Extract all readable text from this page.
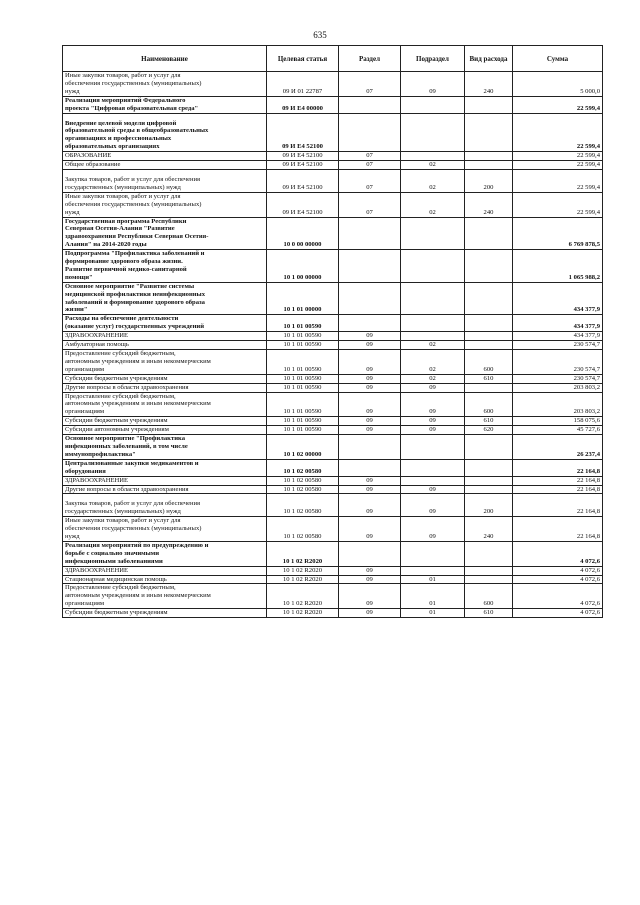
635
Наименование	Целевая статья	Раздел	Подраздел	Вид расхода	Сумма

Иные закупки товаров, работ и услуг для
обеспечения государственных (муниципальных)
нужд	09 И 01 22787	07	09	240	5 000,0

Реализация мероприятий Федерального
проекта "Цифровая образовательная среда"	09 И E4 00000				22 599,4

Внедрение целевой модели цифровой
образовательной среды в общеобразовательных
организациях и профессиональных
образовательных организациях	09 И E4 52100				22 599,4

ОБРАЗОВАНИЕ	09 И E4 52100	07			22 599,4

Общее образование	09 И E4 52100	07	02		22 599,4

Закупка товаров, работ и услуг для обеспечения
государственных (муниципальных) нужд	09 И E4 52100	07	02	200	22 599,4

Иные закупки товаров, работ и услуг для
обеспечения государственных (муниципальных)
нужд	09 И E4 52100	07	02	240	22 599,4

Государственная программа Республики
Северная Осетия-Алания "Развитие
здравоохранения Республики Северная Осетия-
Алания" на 2014-2020 годы	10 0 00 00000				6 769 878,5

Подпрограмма "Профилактика заболеваний и
формирование здорового образа жизни.
Развитие первичной медико-санитарной
помощи"	10 1 00 00000				1 065 988,2

Основное мероприятие "Развитие системы
медицинской профилактики неинфекционных
заболеваний и формирование здорового образа
жизни"	10 1 01 00000				434 377,9

Расходы на обеспечение деятельности
(оказание услуг) государственных учреждений	10 1 01 00590				434 377,9

ЗДРАВООХРАНЕНИЕ	10 1 01 00590	09			434 377,9

Амбулаторная помощь	10 1 01 00590	09	02		230 574,7

Предоставление субсидий бюджетным,
автономным учреждениям и иным некоммерческим
организациям	10 1 01 00590	09	02	600	230 574,7

Субсидии бюджетным учреждениям	10 1 01 00590	09	02	610	230 574,7

Другие вопросы в области здравоохранения	10 1 01 00590	09	09		203 803,2

Предоставление субсидий бюджетным,
автономным учреждениям и иным некоммерческим
организациям	10 1 01 00590	09	09	600	203 803,2

Субсидии бюджетным учреждениям	10 1 01 00590	09	09	610	158 075,6

Субсидии автономным учреждениям	10 1 01 00590	09	09	620	45 727,6

Основное мероприятие "Профилактика
инфекционных заболеваний, в том числе
иммунопрофилактика"	10 1 02 00000				26 237,4

Централизованные закупки медикаментов и
оборудования	10 1 02 00580				22 164,8

ЗДРАВООХРАНЕНИЕ	10 1 02 00580	09			22 164,8

Другие вопросы в области здравоохранения	10 1 02 00580	09	09		22 164,8

Закупка товаров, работ и услуг для обеспечения
государственных (муниципальных) нужд	10 1 02 00580	09	09	200	22 164,8

Иные закупки товаров, работ и услуг для
обеспечения государственных (муниципальных)
нужд	10 1 02 00580	09	09	240	22 164,8

Реализация мероприятий по предупреждению и
борьбе с социально значимыми
инфекционными заболеваниями	10 1 02 R2020				4 072,6

ЗДРАВООХРАНЕНИЕ	10 1 02 R2020	09			4 072,6

Стационарная медицинская помощь	10 1 02 R2020	09	01		4 072,6

Предоставление субсидий бюджетным,
автономным учреждениям и иным некоммерческим
организациям	10 1 02 R2020	09	01	600	4 072,6

Субсидии бюджетным учреждениям	10 1 02 R2020	09	01	610	4 072,6
